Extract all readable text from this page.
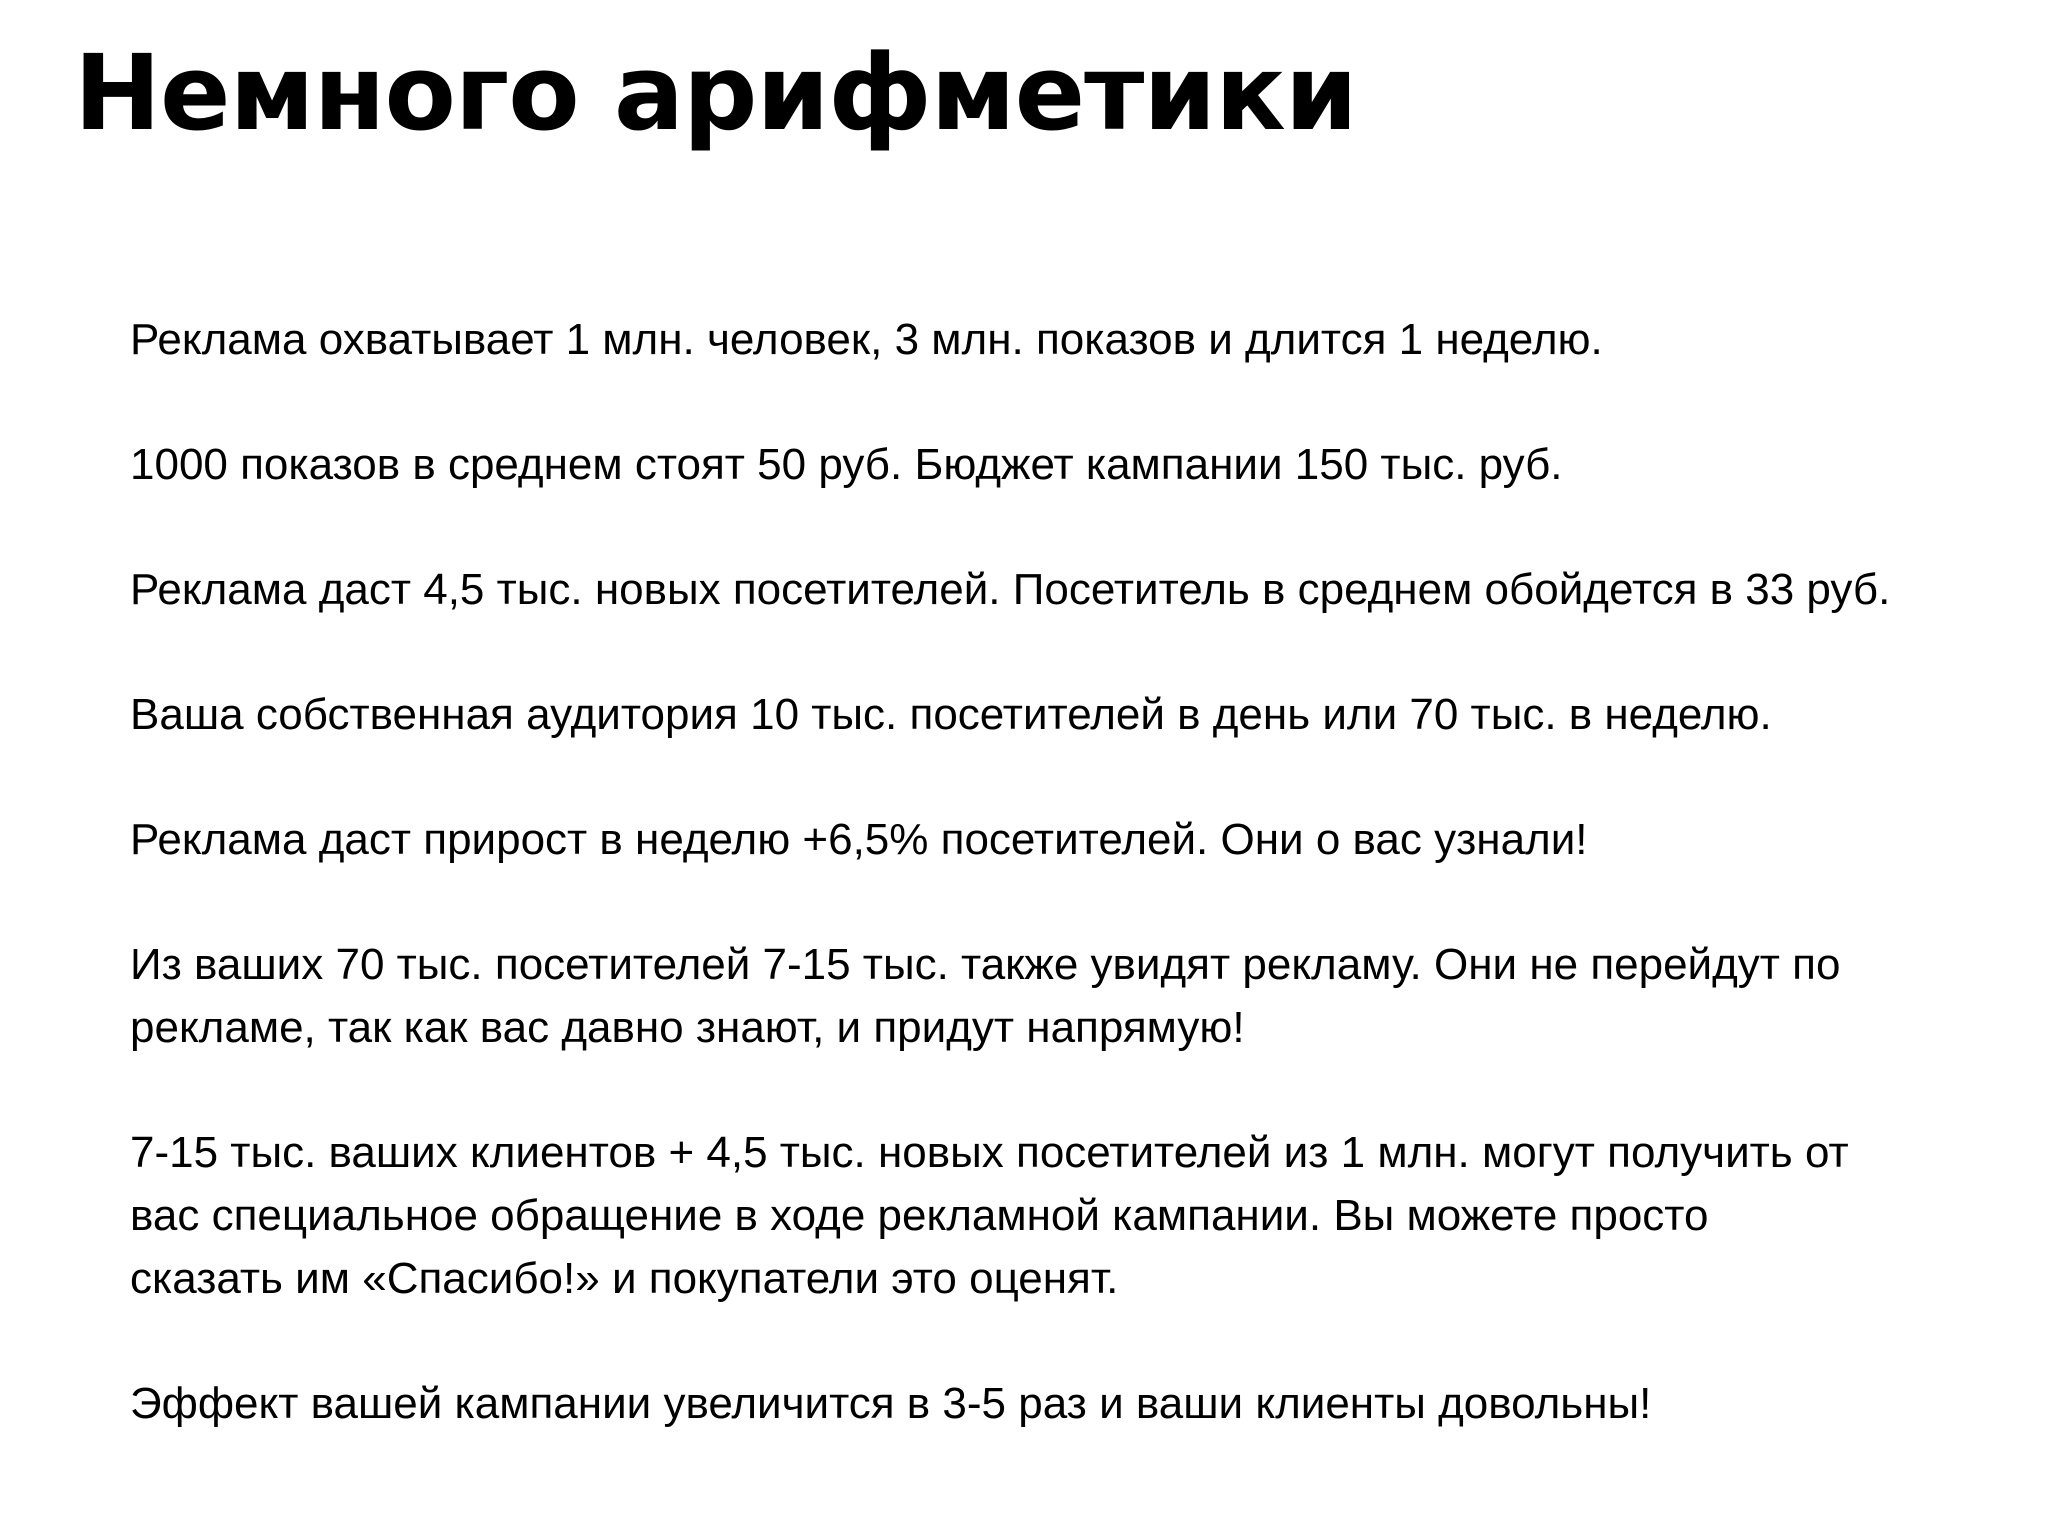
Немного арифметики

Реклама охватывает 1 млн. человек, 3 млн. показов и длится 1 неделю.

1000 показов в среднем стоят 50 руб. Бюджет кампании 150 тыс. руб.

Реклама даст 4,5 тыс. новых посетителей. Посетитель в среднем обойдется в 33 руб.

Ваша собственная аудитория 10 тыс. посетителей в день или 70 тыс. в неделю.

Реклама даст прирост в неделю +6,5% посетителей. Они о вас узнали!

Из ваших 70 тыс. посетителей 7-15 тыс. также увидят рекламу. Они не перейдут по
рекламе, так как вас давно знают, и придут напрямую!

7-15 тыс. ваших клиентов + 4,5 тыс. новых посетителей из 1 млн. могут получить от
вас специальное обращение в ходе рекламной кампании. Вы можете просто
сказать им «Спасибо!» и покупатели это оценят.

Эффект вашей кампании увеличится в 3-5 раз и ваши клиенты довольны!
